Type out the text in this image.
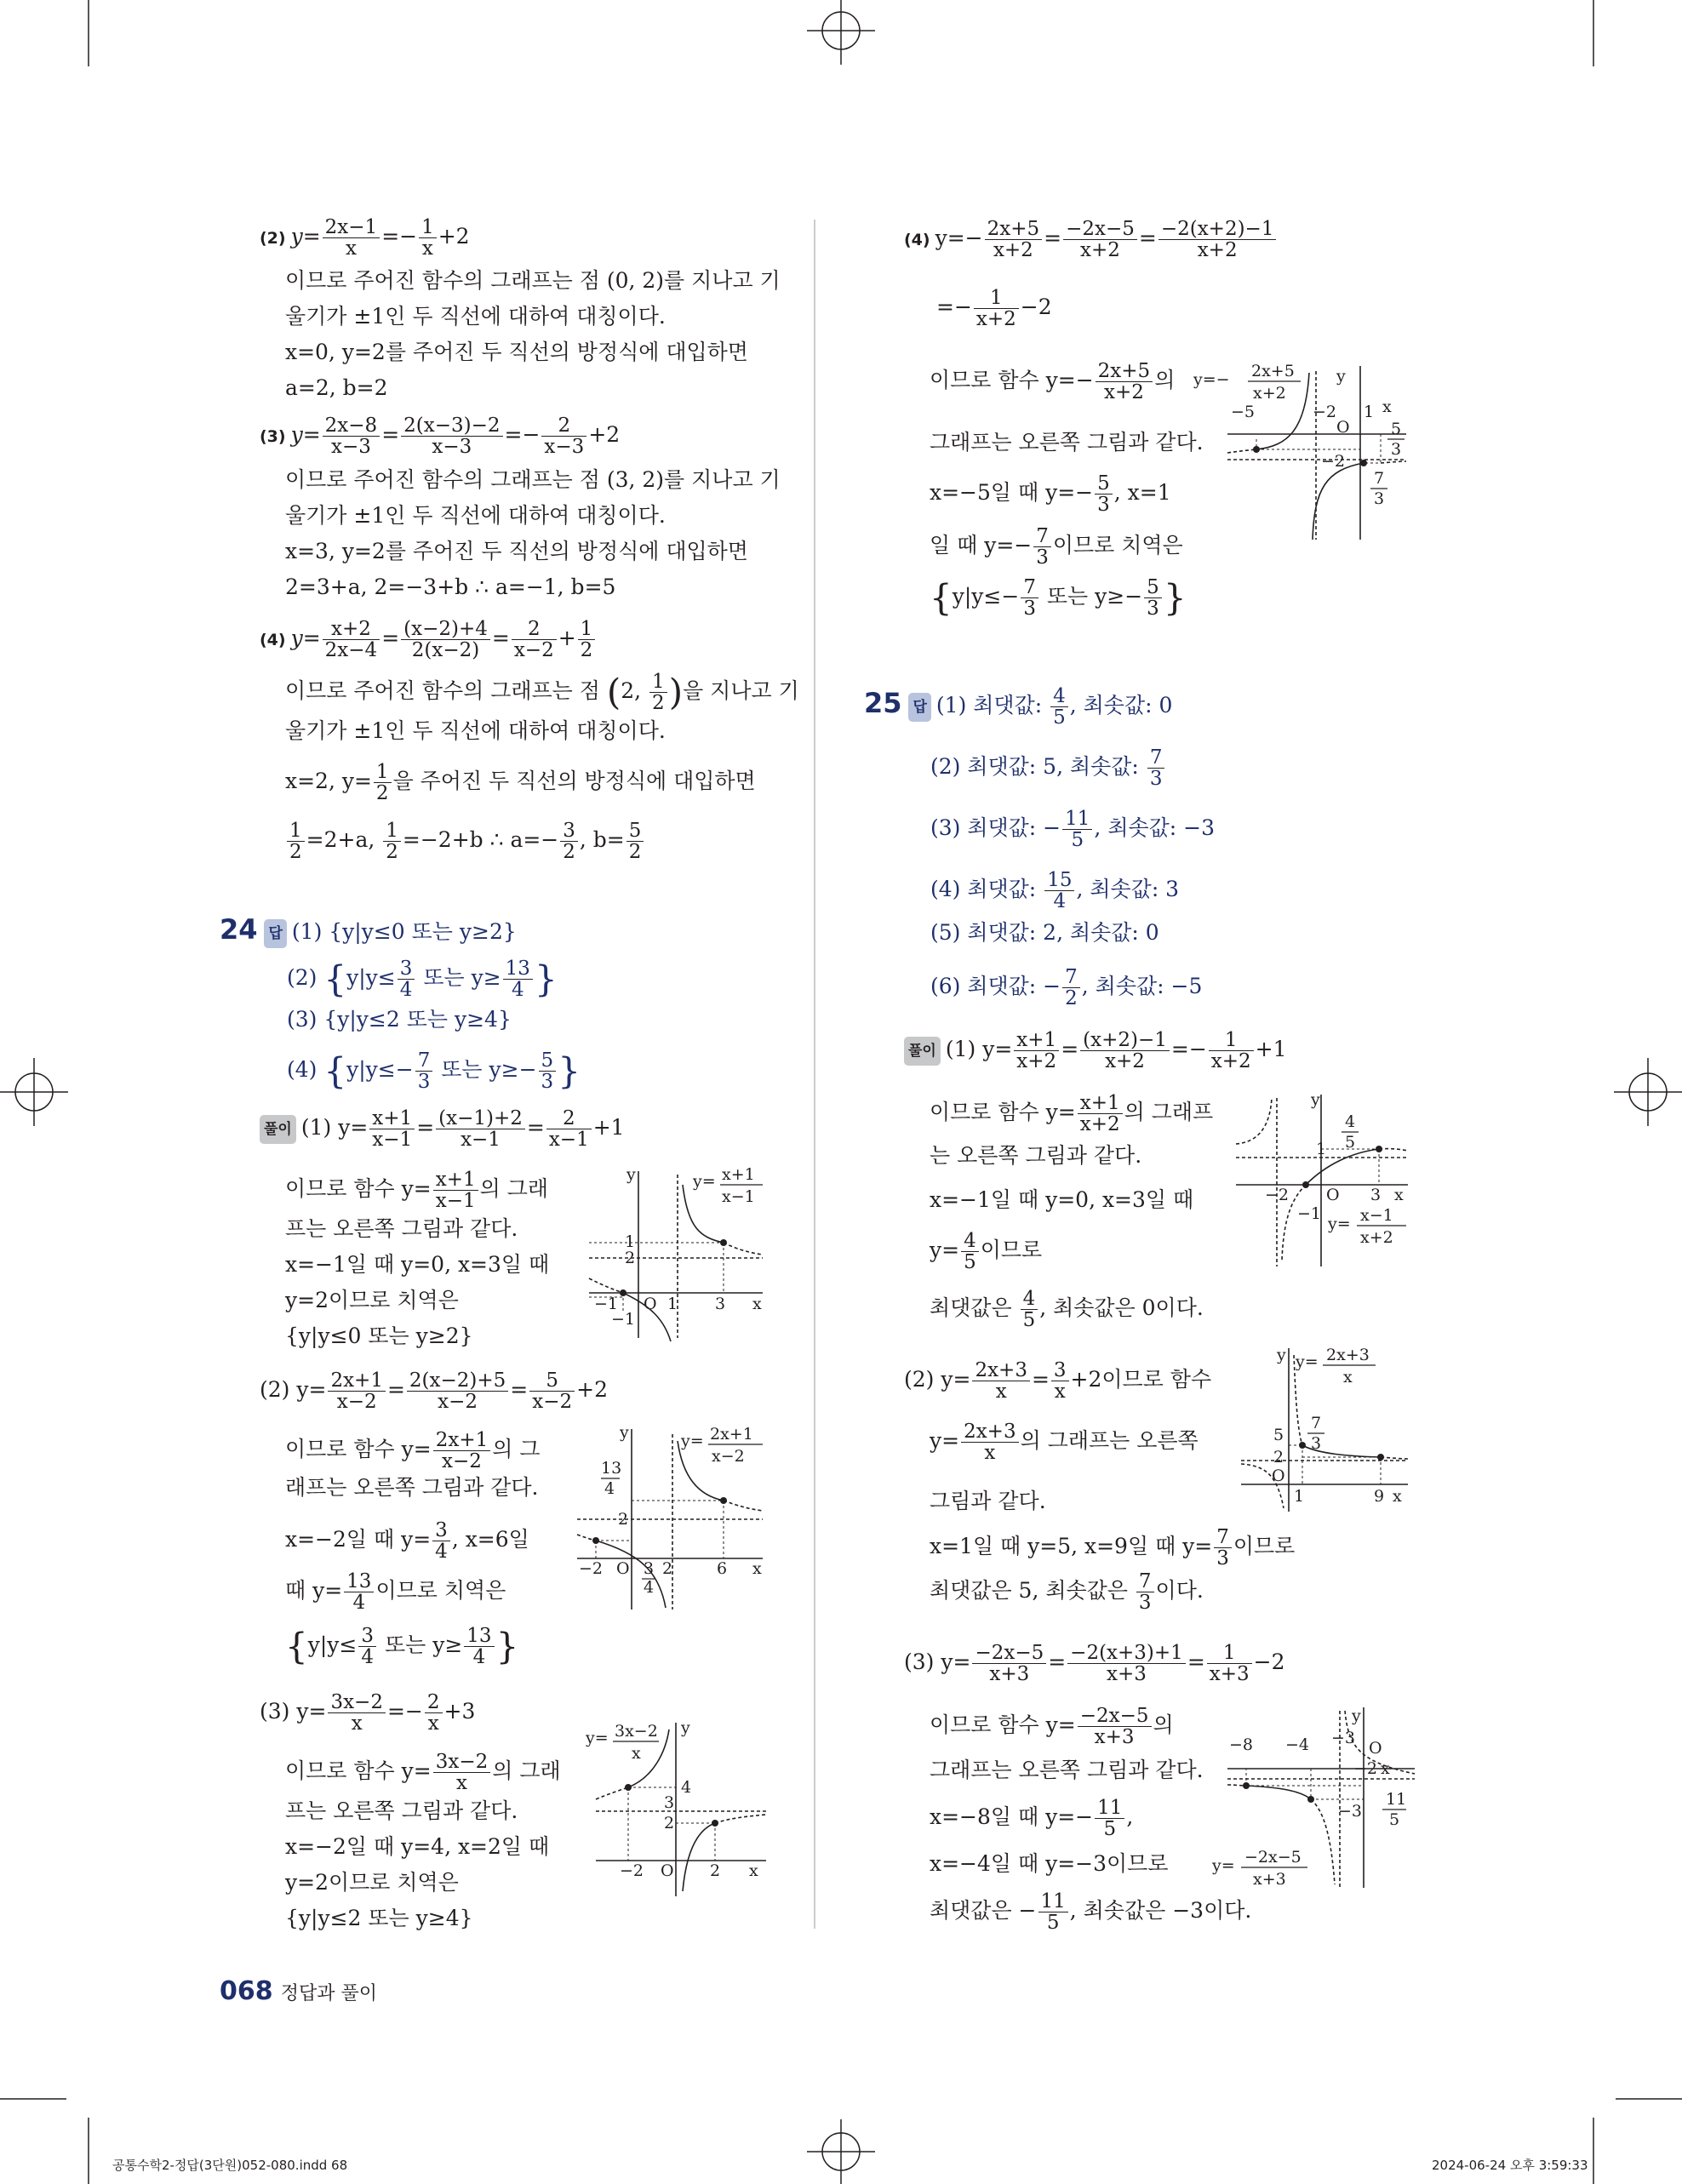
(2) $y= \frac{2x-1}{x} =- \frac{1}{x} +2$
이므로 주어진 함수의 그래프는 점 (0, 2)를 지나고 기
울기가 ±1인 두 직선에 대하여 대칭이다.
x=0, y=2를 주어진 두 직선의 방정식에 대입하면
a=2, b=2
(3) $y= \frac{2x-8}{x-3} = \frac{2(x-3)-2}{x-3} =- \frac{2}{x-3} +2$
이므로 주어진 함수의 그래프는 점 (3, 2)를 지나고 기
울기가 ±1인 두 직선에 대하여 대칭이다.
x=3, y=2를 주어진 두 직선의 방정식에 대입하면
2=3+a, 2=−3+b ∴ a=−1, b=5
(4) $y= \frac{x+2}{2x-4} = \frac{(x-2)+4}{2(x-2)} = \frac{2}{x-2} + \frac{1}{2}$
이므로 주어진 함수의 그래프는 점 (2, $\frac{1}{2}$ )을 지나고 기
울기가 ±1인 두 직선에 대하여 대칭이다.
x=2, $y= \frac{1}{2}$ 을 주어진 두 직선의 방정식에 대입하면
$\frac{1}{2} =2+a$, $\frac{1}{2} =-2+b$ ∴ $a=- \frac{3}{2}$ , $b= \frac{5}{2}$
24 답 (1) {y|y≤0 또는 y≥2}
(2) {$y|y\le \frac{3}{4}$ 또는 $y\ge \frac{13}{4}$ }
(3) {y|y≤2 또는 y≥4}
(4) {$y|y\le- \frac{7}{3}$ 또는 $y\ge- \frac{5}{3}$ }
풀이 (1) $y= \frac{x+1}{x-1} = \frac{(x-1)+2}{x-1} = \frac{2}{x-1} +1$
이므로 함수 $y= \frac{x+1}{x-1}$ 의 그래
프는 오른쪽 그림과 같다.
x=−1일 때 y=0, x=3일 때
y=2이므로 치역은
{y|y≤0 또는 y≥2}
(2) $y= \frac{2x+1}{x-2} = \frac{2(x-2)+5}{x-2} = \frac{5}{x-2} +2$
이므로 함수 $y= \frac{2x+1}{x-2}$ 의 그
래프는 오른쪽 그림과 같다.
x=−2일 때 $y= \frac{3}{4}$ , x=6일
때 $y= \frac{13}{4}$ 이므로 치역은
{$y|y\le \frac{3}{4}$ 또는 $y\ge \frac{13}{4}$ }
(3) $y= \frac{3x-2}{x} =- \frac{2}{x} +3$
이므로 함수 $y= \frac{3x-2}{x}$ 의 그래
프는 오른쪽 그림과 같다.
x=−2일 때 y=4, x=2일 때
y=2이므로 치역은
{y|y≤2 또는 y≥4}
(4) $y=- \frac{2x+5}{x+2} = \frac{-2x-5}{x+2} = \frac{-2(x+2)-1}{x+2}$
=− $\frac{1}{x+2} -2$
이므로 함수 $y=- \frac{2x+5}{x+2}$ 의
그래프는 오른쪽 그림과 같다.
x=−5일 때 $y=- \frac{5}{3}$ , x=1
일 때 $y=- \frac{7}{3}$ 이므로 치역은
{$y|y\le- \frac{7}{3}$ 또는 $y\ge- \frac{5}{3}$ }
25 답 (1) 최댓값: $\frac{4}{5}$ , 최솟값: 0
(2) 최댓값: 5, 최솟값: $\frac{7}{3}$
(3) 최댓값: − $\frac{11}{5}$ , 최솟값: −3
(4) 최댓값: $\frac{15}{4}$ , 최솟값: 3
(5) 최댓값: 2, 최솟값: 0
(6) 최댓값: − $\frac{7}{2}$ , 최솟값: −5
풀이 (1) $y= \frac{x+1}{x+2} = \frac{(x+2)-1}{x+2} =- \frac{1}{x+2} +1$
이므로 함수 $y= \frac{x+1}{x+2}$ 의 그래프
는 오른쪽 그림과 같다.
x=−1일 때 y=0, x=3일 때
$y= \frac{4}{5}$ 이므로
최댓값은 $\frac{4}{5}$ , 최솟값은 0이다.
(2) $y= \frac{2x+3}{x} = \frac{3}{x} +2$이므로 함수
$y= \frac{2x+3}{x}$ 의 그래프는 오른쪽
그림과 같다.
x=1일 때 y=5, x=9일 때 $y= \frac{7}{3}$ 이므로
최댓값은 5, 최솟값은 $\frac{7}{3}$ 이다.
(3) $y= \frac{-2x-5}{x+3} = \frac{-2(x+3)+1}{x+3} = \frac{1}{x+3} -2$
이므로 함수 $y= \frac{-2x-5}{x+3}$ 의
그래프는 오른쪽 그림과 같다.
x=−8일 때 $y=- \frac{11}{5}$ ,
x=−4일 때 y=−3이므로
최댓값은 − $\frac{11}{5}$ , 최솟값은 −3이다.
y= x+1
x−1
2
1
−1 O 1 3
−1
x
y
y= 2x+1
x−2
13
4
2
−2 O 3
4
2	6 x
y
y= 3x−2
x
4
3
2
−2 O 2 x
y
y=− 2x+5
x+2
−5	−2 1 x
O
−2
5
3
7
3
y
4
5
1
−2 O 3 x
−1
y= x−1
x+2
y
y= 2x+3
x
7
3
5
2
O
1	9 x
y
−8 −4 −3
O
−2 x
−3
11
5
y= −2x−5
x+3
y
068 정답과 풀이
공통수학2-정답(3단원)052-080.indd 68	2024-06-24 오후 3:59:33
